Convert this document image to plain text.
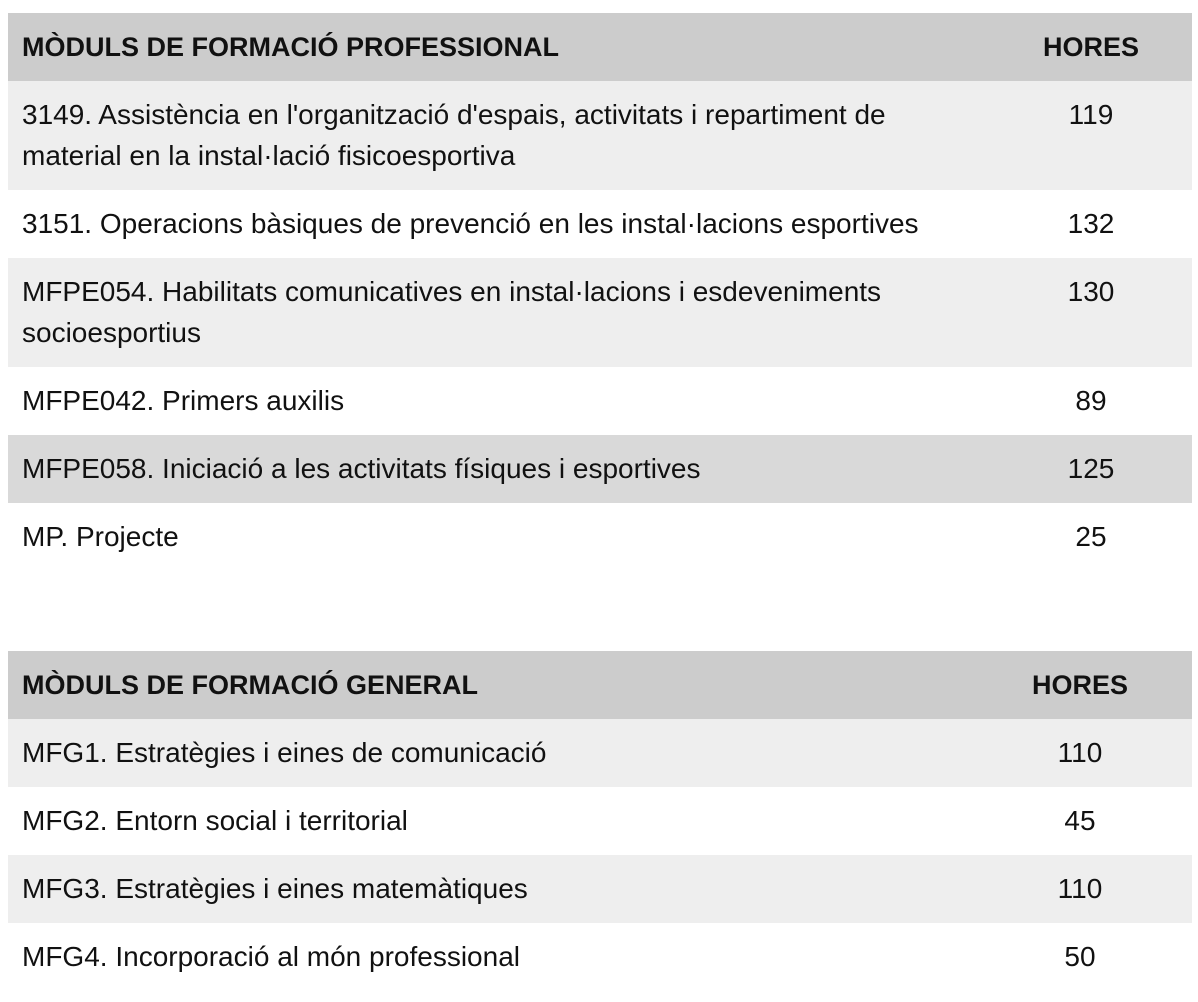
MÒDULS DE FORMACIÓ PROFESSIONAL	HORES
3149. Assistència en l'organització d'espais, activitats i repartiment de material en la instal·lació fisicoesportiva	119
3151. Operacions bàsiques de prevenció en les instal·lacions esportives	132
MFPE054. Habilitats comunicatives en instal·lacions i esdeveniments socioesportius	130
MFPE042. Primers auxilis	89
MFPE058. Iniciació a les activitats físiques i esportives	125
MP. Projecte	25
MÒDULS DE FORMACIÓ GENERAL	HORES
MFG1. Estratègies i eines de comunicació	110
MFG2. Entorn social i territorial	45
MFG3. Estratègies i eines matemàtiques	110
MFG4. Incorporació al món professional	50
